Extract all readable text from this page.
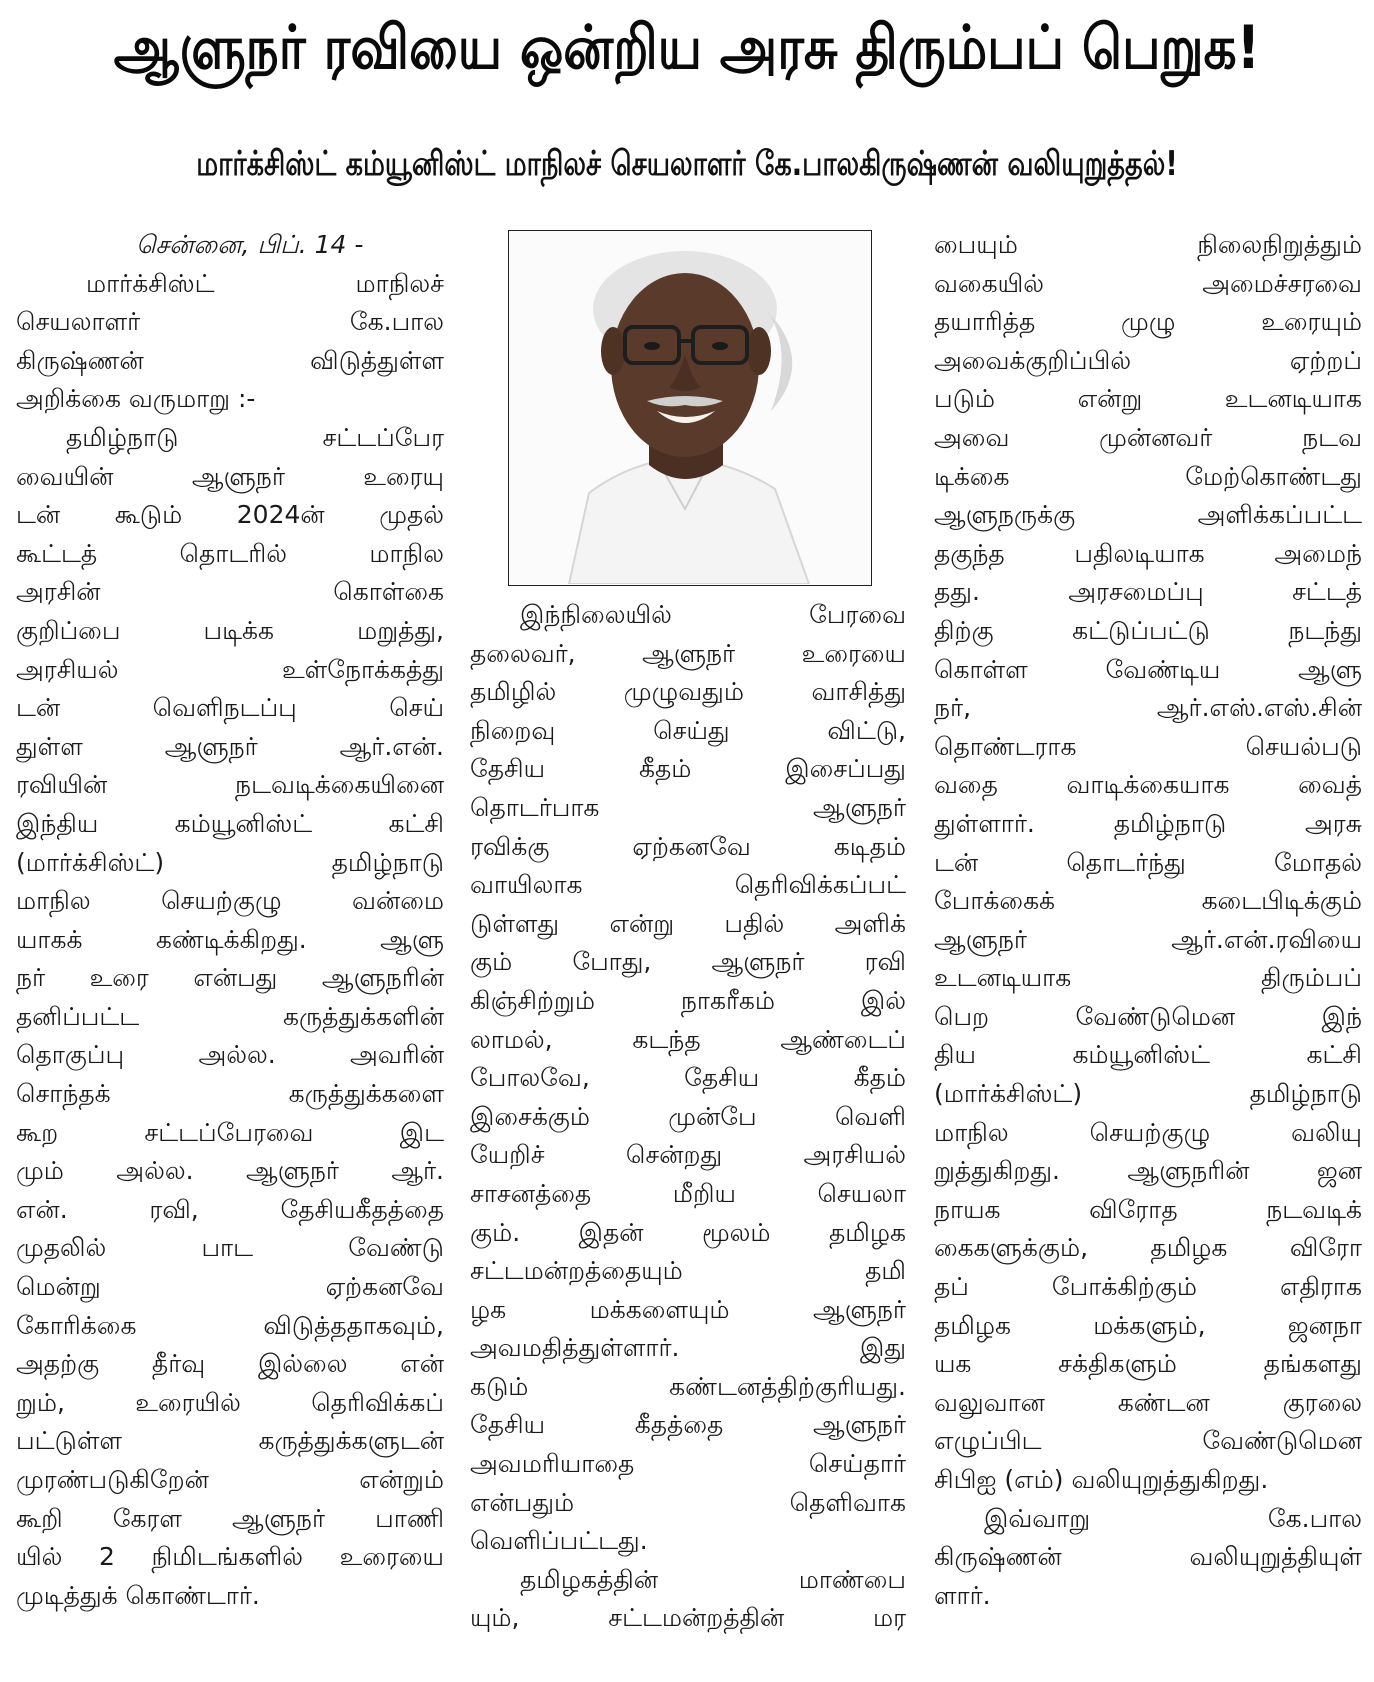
ஆளுநர் ரவியை ஒன்றிய அரசு திரும்பப் பெறுக!
மார்க்சிஸ்ட் கம்யூனிஸ்ட் மாநிலச் செயலாளர் கே.பாலகிருஷ்ணன் வலியுறுத்தல்!
சென்னை, பிப். 14 -
மார்க்சிஸ்ட் மாநிலச்
செயலாளர் கே.பால
கிருஷ்ணன் விடுத்துள்ள
அறிக்கை வருமாறு :-
தமிழ்நாடு சட்டப்பேர
வையின் ஆளுநர் உரையு
டன் கூடும் 2024ன் முதல்
கூட்டத் தொடரில் மாநில
அரசின் கொள்கை
குறிப்பை படிக்க மறுத்து,
அரசியல் உள்நோக்கத்து
டன் வெளிநடப்பு செய்
துள்ள ஆளுநர் ஆர்.என்.
ரவியின் நடவடிக்கையினை
இந்திய கம்யூனிஸ்ட் கட்சி
(மார்க்சிஸ்ட்) தமிழ்நாடு
மாநில செயற்குழு வன்மை
யாகக் கண்டிக்கிறது. ஆளு
நர் உரை என்பது ஆளுநரின்
தனிப்பட்ட கருத்துக்களின்
தொகுப்பு அல்ல. அவரின்
சொந்தக் கருத்துக்களை
கூற சட்டப்பேரவை இட
மும் அல்ல. ஆளுநர் ஆர்.
என். ரவி, தேசியகீதத்தை
முதலில் பாட வேண்டு
மென்று ஏற்கனவே
கோரிக்கை விடுத்ததாகவும்,
அதற்கு தீர்வு இல்லை என்
றும், உரையில் தெரிவிக்கப்
பட்டுள்ள கருத்துக்களுடன்
முரண்படுகிறேன் என்றும்
கூறி கேரள ஆளுநர் பாணி
யில் 2 நிமிடங்களில் உரையை
முடித்துக் கொண்டார்.
இந்நிலையில் பேரவை
தலைவர், ஆளுநர் உரையை
தமிழில் முழுவதும் வாசித்து
நிறைவு செய்து விட்டு,
தேசிய கீதம் இசைப்பது
தொடர்பாக ஆளுநர்
ரவிக்கு ஏற்கனவே கடிதம்
வாயிலாக தெரிவிக்கப்பட்
டுள்ளது என்று பதில் அளிக்
கும் போது, ஆளுநர் ரவி
கிஞ்சிற்றும் நாகரீகம் இல்
லாமல், கடந்த ஆண்டைப்
போலவே, தேசிய கீதம்
இசைக்கும் முன்பே வெளி
யேறிச் சென்றது அரசியல்
சாசனத்தை மீறிய செயலா
கும். இதன் மூலம் தமிழக
சட்டமன்றத்தையும் தமி
ழக மக்களையும் ஆளுநர்
அவமதித்துள்ளார். இது
கடும் கண்டனத்திற்குரியது.
தேசிய கீதத்தை ஆளுநர்
அவமரியாதை செய்தார்
என்பதும் தெளிவாக
வெளிப்பட்டது.
தமிழகத்தின் மாண்பை
யும், சட்டமன்றத்தின் மர
பையும் நிலைநிறுத்தும்
வகையில் அமைச்சரவை
தயாரித்த முழு உரையும்
அவைக்குறிப்பில் ஏற்றப்
படும் என்று உடனடியாக
அவை முன்னவர் நடவ
டிக்கை மேற்கொண்டது
ஆளுநருக்கு அளிக்கப்பட்ட
தகுந்த பதிலடியாக அமைந்
தது. அரசமைப்பு சட்டத்
திற்கு கட்டுப்பட்டு நடந்து
கொள்ள வேண்டிய ஆளு
நர், ஆர்.எஸ்.எஸ்.சின்
தொண்டராக செயல்படு
வதை வாடிக்கையாக வைத்
துள்ளார். தமிழ்நாடு அரசு
டன் தொடர்ந்து மோதல்
போக்கைக் கடைபிடிக்கும்
ஆளுநர் ஆர்.என்.ரவியை
உடனடியாக திரும்பப்
பெற வேண்டுமென இந்
திய கம்யூனிஸ்ட் கட்சி
(மார்க்சிஸ்ட்) தமிழ்நாடு
மாநில செயற்குழு வலியு
றுத்துகிறது. ஆளுநரின் ஜன
நாயக விரோத நடவடிக்
கைகளுக்கும், தமிழக விரோ
தப் போக்கிற்கும் எதிராக
தமிழக மக்களும், ஜனநா
யக சக்திகளும் தங்களது
வலுவான கண்டன குரலை
எழுப்பிட வேண்டுமென
சிபிஐ (எம்) வலியுறுத்துகிறது.
இவ்வாறு கே.பால
கிருஷ்ணன் வலியுறுத்தியுள்
ளார்.
